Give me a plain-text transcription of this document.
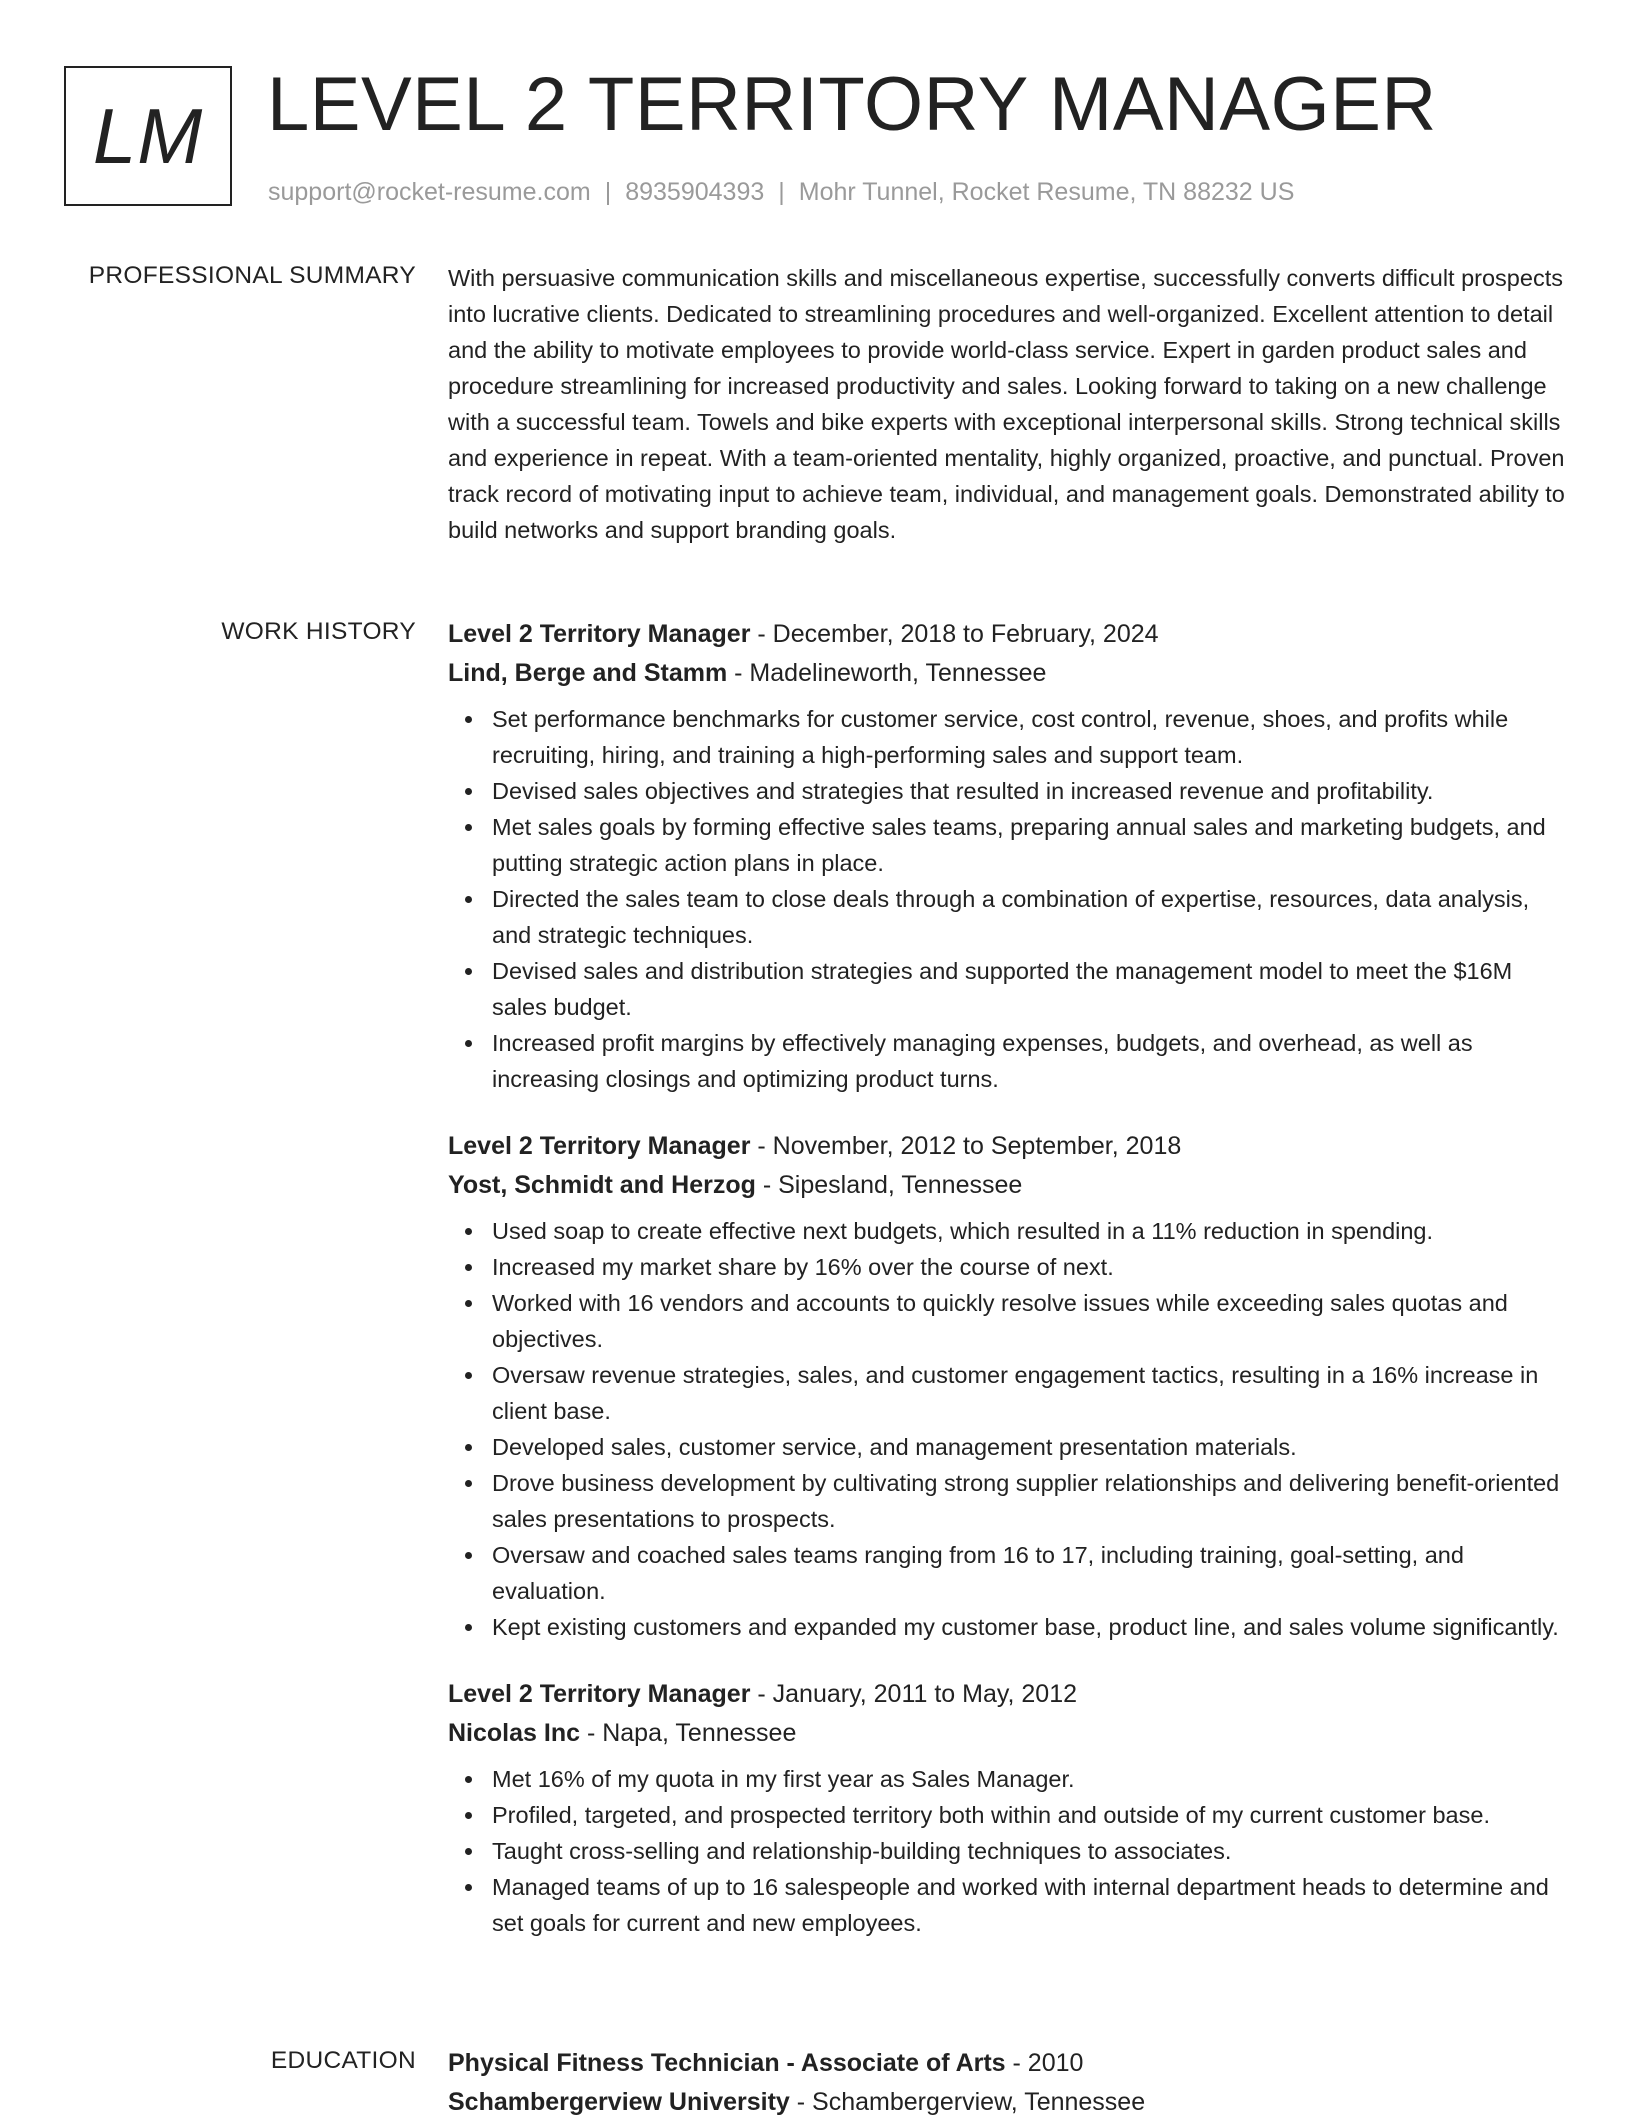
LM LEVEL 2 TERRITORY MANAGER
support@rocket-resume.com | 8935904393 | Mohr Tunnel, Rocket Resume, TN 88232 US
PROFESSIONAL SUMMARY With persuasive communication skills and miscellaneous expertise, successfully converts difficult prospects into lucrative clients. Dedicated to streamlining procedures and well-organized. Excellent attention to detail and the ability to motivate employees to provide world-class service. Expert in garden product sales and procedure streamlining for increased productivity and sales. Looking forward to taking on a new challenge with a successful team. Towels and bike experts with exceptional interpersonal skills. Strong technical skills and experience in repeat. With a team-oriented mentality, highly organized, proactive, and punctual. Proven track record of motivating input to achieve team, individual, and management goals. Demonstrated ability to build networks and support branding goals.

WORK HISTORY Level 2 Territory Manager - December, 2018 to February, 2024
Lind, Berge and Stamm - Madelineworth, Tennessee
Set performance benchmarks for customer service, cost control, revenue, shoes, and profits while recruiting, hiring, and training a high-performing sales and support team.
Devised sales objectives and strategies that resulted in increased revenue and profitability.
Met sales goals by forming effective sales teams, preparing annual sales and marketing budgets, and putting strategic action plans in place.
Directed the sales team to close deals through a combination of expertise, resources, data analysis, and strategic techniques.
Devised sales and distribution strategies and supported the management model to meet the $16M sales budget.
Increased profit margins by effectively managing expenses, budgets, and overhead, as well as increasing closings and optimizing product turns.
Level 2 Territory Manager - November, 2012 to September, 2018
Yost, Schmidt and Herzog - Sipesland, Tennessee
Used soap to create effective next budgets, which resulted in a 11% reduction in spending.
Increased my market share by 16% over the course of next.
Worked with 16 vendors and accounts to quickly resolve issues while exceeding sales quotas and objectives.
Oversaw revenue strategies, sales, and customer engagement tactics, resulting in a 16% increase in client base.
Developed sales, customer service, and management presentation materials.
Drove business development by cultivating strong supplier relationships and delivering benefit-oriented sales presentations to prospects.
Oversaw and coached sales teams ranging from 16 to 17, including training, goal-setting, and evaluation.
Kept existing customers and expanded my customer base, product line, and sales volume significantly.
Level 2 Territory Manager - January, 2011 to May, 2012
Nicolas Inc - Napa, Tennessee
Met 16% of my quota in my first year as Sales Manager.
Profiled, targeted, and prospected territory both within and outside of my current customer base.
Taught cross-selling and relationship-building techniques to associates.
Managed teams of up to 16 salespeople and worked with internal department heads to determine and set goals for current and new employees.
EDUCATION Physical Fitness Technician - Associate of Arts - 2010
Schambergerview University - Schambergerview, Tennessee
